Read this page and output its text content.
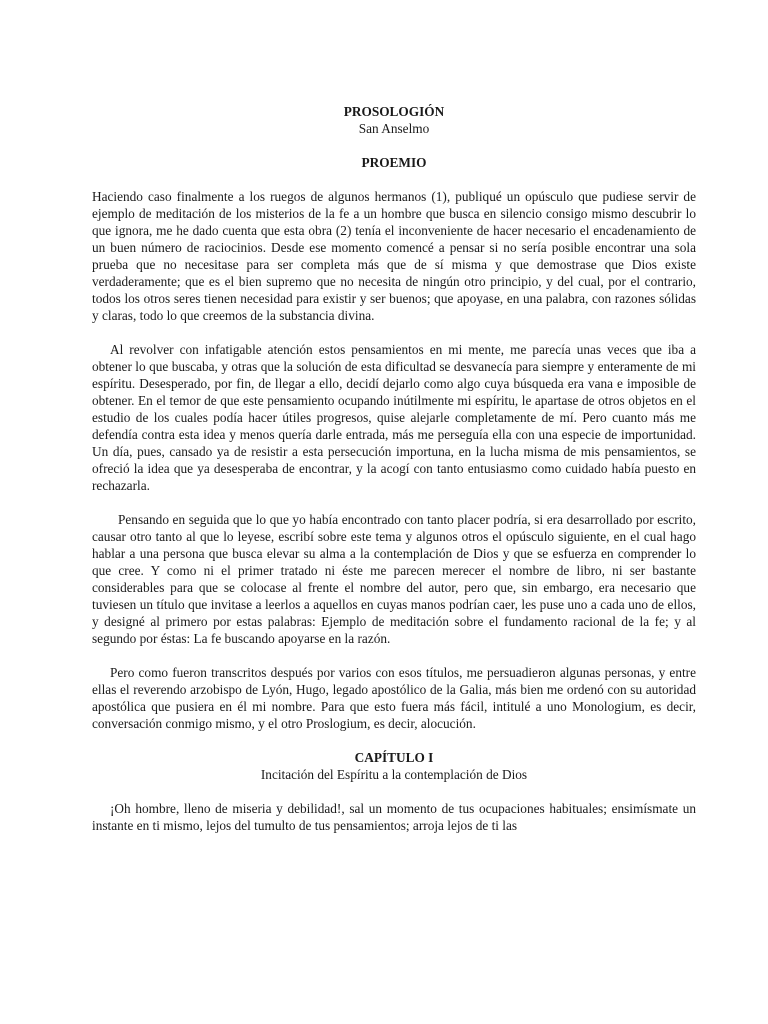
PROSOLOGIÓN

San Anselmo

PROEMIO

Haciendo caso finalmente a los ruegos de algunos hermanos (1), publiqué un opúsculo que pudiese servir de ejemplo de meditación de los misterios de la fe a un hombre que busca en silencio consigo mismo descubrir lo que ignora, me he dado cuenta que esta obra (2) tenía el inconveniente de hacer necesario el encadenamiento de un buen número de raciocinios. Desde ese momento comencé a pensar si no sería posible encontrar una sola prueba que no necesitase para ser completa más que de sí misma y que demostrase que Dios existe verdaderamente; que es el bien supremo que no necesita de ningún otro principio, y del cual, por el contrario, todos los otros seres tienen necesidad para existir y ser buenos; que apoyase, en una palabra, con razones sólidas y claras, todo lo que creemos de la substancia divina.

Al revolver con infatigable atención estos pensamientos en mi mente, me parecía unas veces que iba a obtener lo que buscaba, y otras que la solución de esta dificultad se desvanecía para siempre y enteramente de mi espíritu. Desesperado, por fin, de llegar a ello, decidí dejarlo como algo cuya búsqueda era vana e imposible de obtener. En el temor de que este pensamiento ocupando inútilmente mi espíritu, le apartase de otros objetos en el estudio de los cuales podía hacer útiles progresos, quise alejarle completamente de mí. Pero cuanto más me defendía contra esta idea y menos quería darle entrada, más me perseguía ella con una especie de importunidad. Un día, pues, cansado ya de resistir a esta persecución importuna, en la lucha misma de mis pensamientos, se ofreció la idea que ya desesperaba de encontrar, y la acogí con tanto entusiasmo como cuidado había puesto en rechazarla.

Pensando en seguida que lo que yo había encontrado con tanto placer podría, si era desarrollado por escrito, causar otro tanto al que lo leyese, escribí sobre este tema y algunos otros el opúsculo siguiente, en el cual hago hablar a una persona que busca elevar su alma a la contemplación de Dios y que se esfuerza en comprender lo que cree. Y como ni el primer tratado ni éste me parecen merecer el nombre de libro, ni ser bastante considerables para que se colocase al frente el nombre del autor, pero que, sin embargo, era necesario que tuviesen un título que invitase a leerlos a aquellos en cuyas manos podrían caer, les puse uno a cada uno de ellos, y designé al primero por estas palabras: Ejemplo de meditación sobre el fundamento racional de la fe; y al segundo por éstas: La fe buscando apoyarse en la razón.

Pero como fueron transcritos después por varios con esos títulos, me persuadieron algunas personas, y entre ellas el reverendo arzobispo de Lyón, Hugo, legado apostólico de la Galia, más bien me ordenó con su autoridad apostólica que pusiera en él mi nombre. Para que esto fuera más fácil, intitulé a uno Monologium, es decir, conversación conmigo mismo, y el otro Proslogium, es decir, alocución.

CAPÍTULO I

Incitación del Espíritu a la contemplación de Dios

¡Oh hombre, lleno de miseria y debilidad!, sal un momento de tus ocupaciones habituales; ensimísmate un instante en ti mismo, lejos del tumulto de tus pensamientos; arroja lejos de ti las
